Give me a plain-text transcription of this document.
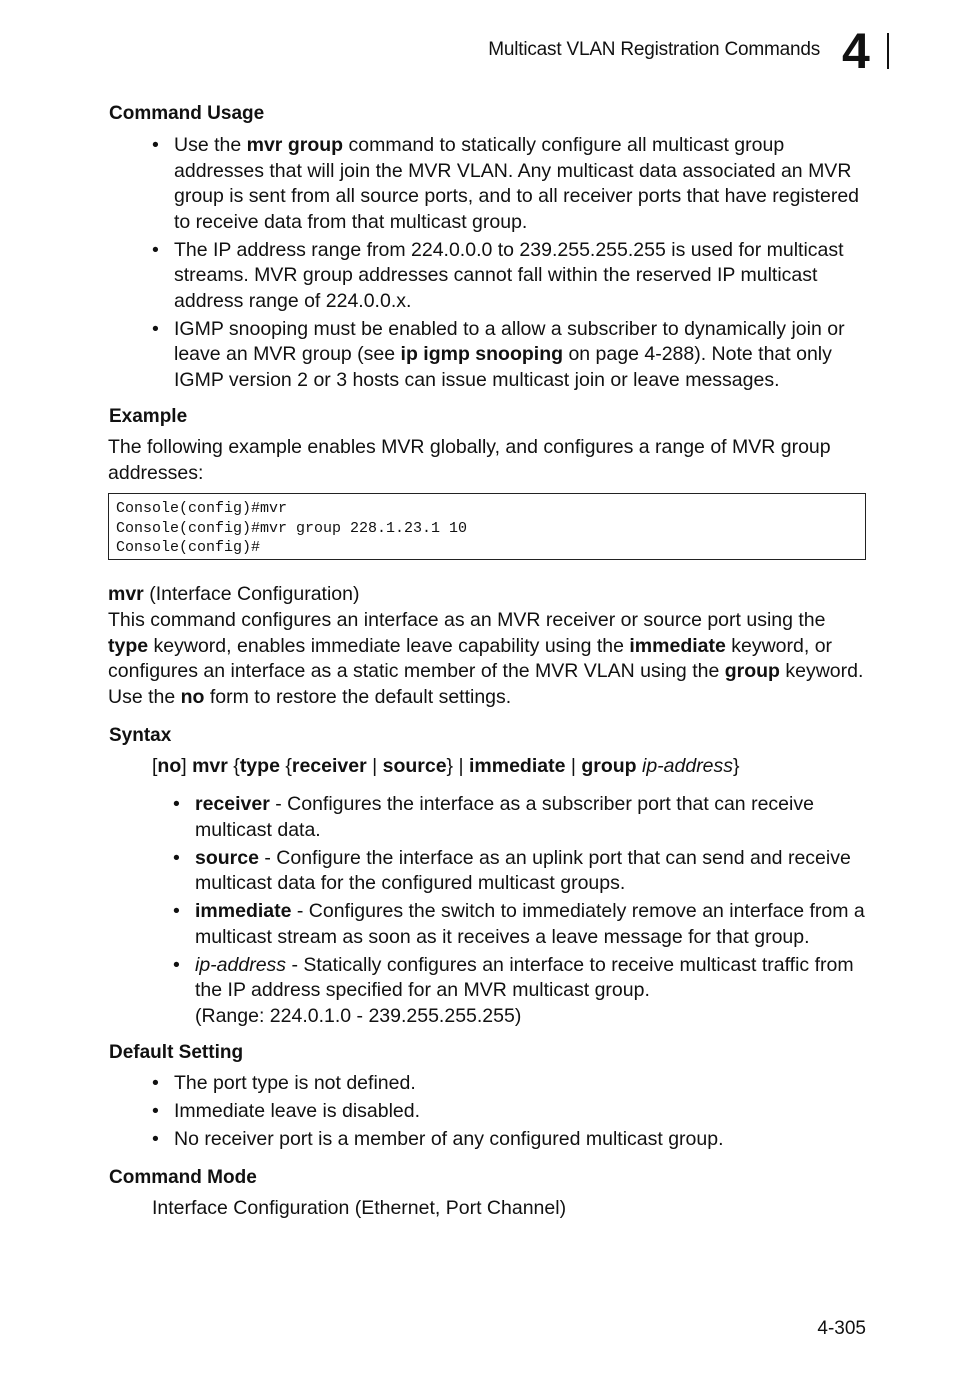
Multicast VLAN Registration Commands 4
Command Usage
• Use the mvr group command to statically configure all multicast group addresses that will join the MVR VLAN. Any multicast data associated an MVR group is sent from all source ports, and to all receiver ports that have registered to receive data from that multicast group.
• The IP address range from 224.0.0.0 to 239.255.255.255 is used for multicast streams. MVR group addresses cannot fall within the reserved IP multicast address range of 224.0.0.x.
• IGMP snooping must be enabled to a allow a subscriber to dynamically join or leave an MVR group (see ip igmp snooping on page 4-288). Note that only IGMP version 2 or 3 hosts can issue multicast join or leave messages.
Example
The following example enables MVR globally, and configures a range of MVR group addresses:
Console(config)#mvr
Console(config)#mvr group 228.1.23.1 10
Console(config)#
mvr (Interface Configuration)
This command configures an interface as an MVR receiver or source port using the type keyword, enables immediate leave capability using the immediate keyword, or configures an interface as a static member of the MVR VLAN using the group keyword. Use the no form to restore the default settings.
Syntax
[no] mvr {type {receiver | source} | immediate | group ip-address}
• receiver - Configures the interface as a subscriber port that can receive multicast data.
• source - Configure the interface as an uplink port that can send and receive multicast data for the configured multicast groups.
• immediate - Configures the switch to immediately remove an interface from a multicast stream as soon as it receives a leave message for that group.
• ip-address - Statically configures an interface to receive multicast traffic from the IP address specified for an MVR multicast group.
(Range: 224.0.1.0 - 239.255.255.255)
Default Setting
• The port type is not defined.
• Immediate leave is disabled.
• No receiver port is a member of any configured multicast group.
Command Mode
Interface Configuration (Ethernet, Port Channel)
4-305
